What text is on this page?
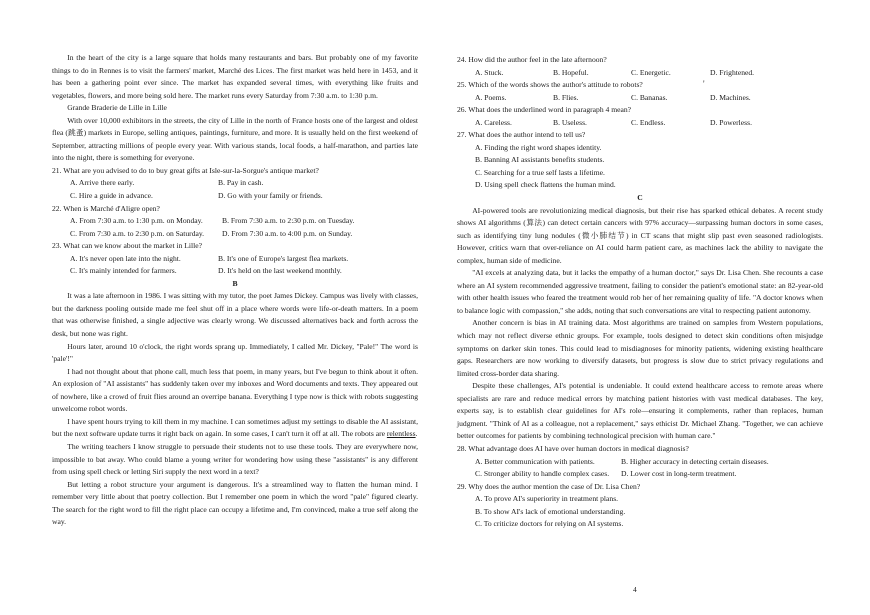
In the heart of the city is a large square that holds many restaurants and bars. But probably one of my favorite things to do in Rennes is to visit the farmers' market, Marché des Lices. The first market was held here in 1453, and it has been a gathering point ever since. The market has expanded several times, with everything like fruits and vegetables, flowers, and more being sold here. The market runs every Saturday from 7:30 a.m. to 1:30 p.m.

Grande Braderie de Lille in Lille

With over 10,000 exhibitors in the streets, the city of Lille in the north of France hosts one of the largest and oldest flea (跳蚤) markets in Europe, selling antiques, paintings, furniture, and more. It is usually held on the first weekend of September, attracting millions of people every year. With various stands, local foods, a half-marathon, and parties late into the night, there is something for everyone.

21. What are you advised to do to buy great gifts at Isle-sur-la-Sorgue's antique market?

A. Arrive there early.	B. Pay in cash.
C. Hire a guide in advance.	D. Go with your family or friends.

22. When is Marché d'Aligre open?

A. From 7:30 a.m. to 1:30 p.m. on Monday.	B. From 7:30 a.m. to 2:30 p.m. on Tuesday.
C. From 7:30 a.m. to 2:30 p.m. on Saturday.	D. From 7:30 a.m. to 4:00 p.m. on Sunday.

23. What can we know about the market in Lille?

A. It's never open late into the night.	B. It's one of Europe's largest flea markets.
C. It's mainly intended for farmers.	D. It's held on the last weekend monthly.

B

It was a late afternoon in 1986. I was sitting with my tutor, the poet James Dickey. Campus was lively with classes, but the darkness pooling outside made me feel shut off in a place where words were life-or-death matters. In a poem that was otherwise finished, a single adjective was clearly wrong. We discussed alternatives back and forth across the desk, but none was right.

Hours later, around 10 o'clock, the right words sprang up. Immediately, I called Mr. Dickey, "Pale!" The word is 'pale'!"

I had not thought about that phone call, much less that poem, in many years, but I've begun to think about it often. An explosion of "AI assistants" has suddenly taken over my inboxes and Word documents and texts. They appeared out of nowhere, like a crowd of fruit flies around an overripe banana. Everything I type now is thick with robots suggesting unwelcome robot words.

I have spent hours trying to kill them in my machine. I can sometimes adjust my settings to disable the AI assistant, but the next software update turns it right back on again. In some cases, I can't turn it off at all. The robots are relentless.

The writing teachers I know struggle to persuade their students not to use these tools. They are everywhere now, impossible to bat away. Who could blame a young writer for wondering how using these "assistants" is any different from using spell check or letting Siri supply the next word in a text?

But letting a robot structure your argument is dangerous. It's a streamlined way to flatten the human mind. I remember very little about that poetry collection. But I remember one poem in which the word "pale" figured clearly. The search for the right word to fill the right place can occupy a lifetime and, I'm convinced, make a true self along the way.

24. How did the author feel in the late afternoon?

A. Stuck.	B. Hopeful.	C. Energetic.	D. Frightened.

25. Which of the words shows the author's attitude to robots?

A. Poems.	B. Flies.	C. Bananas.	D. Machines.

26. What does the underlined word in paragraph 4 mean?

A. Careless.	B. Useless.	C. Endless.	D. Powerless.

27. What does the author intend to tell us?

A. Finding the right word shapes identity.

B. Banning AI assistants benefits students.

C. Searching for a true self lasts a lifetime.

D. Using spell check flattens the human mind.

C

AI-powered tools are revolutionizing medical diagnosis, but their rise has sparked ethical debates. A recent study shows AI algorithms (算法) can detect certain cancers with 97% accuracy—surpassing human doctors in some cases, such as identifying tiny lung nodules (微小肺结节) in CT scans that might slip past even seasoned radiologists. However, critics warn that over-reliance on AI could harm patient care, as machines lack the ability to navigate the complex, human side of medicine.

"AI excels at analyzing data, but it lacks the empathy of a human doctor," says Dr. Lisa Chen. She recounts a case where an AI system recommended aggressive treatment, failing to consider the patient's emotional state: an 82-year-old with other health issues who feared the treatment would rob her of her remaining quality of life. "A doctor knows when to balance logic with compassion," she adds, noting that such conversations are vital to respecting patient autonomy.

Another concern is bias in AI training data. Most algorithms are trained on samples from Western populations, which may not reflect diverse ethnic groups. For example, tools designed to detect skin conditions often misjudge symptoms on darker skin tones. This could lead to misdiagnoses for minority patients, widening existing healthcare gaps. Researchers are now working to diversify datasets, but progress is slow due to strict privacy regulations and limited cross-border data sharing.

Despite these challenges, AI's potential is undeniable. It could extend healthcare access to remote areas where specialists are rare and reduce medical errors by matching patient histories with vast medical databases. The key, experts say, is to establish clear guidelines for AI's role—ensuring it complements, rather than replaces, human judgment. "Think of AI as a colleague, not a replacement," says ethicist Dr. Michael Zhang. "Together, we can achieve better outcomes for patients by combining technological precision with human care."

28. What advantage does AI have over human doctors in medical diagnosis?

A. Better communication with patients.	B. Higher accuracy in detecting certain diseases.
C. Stronger ability to handle complex cases.	D. Lower cost in long-term treatment.

29. Why does the author mention the case of Dr. Lisa Chen?

A. To prove AI's superiority in treatment plans.

B. To show AI's lack of emotional understanding.

C. To criticize doctors for relying on AI systems.

'
4
